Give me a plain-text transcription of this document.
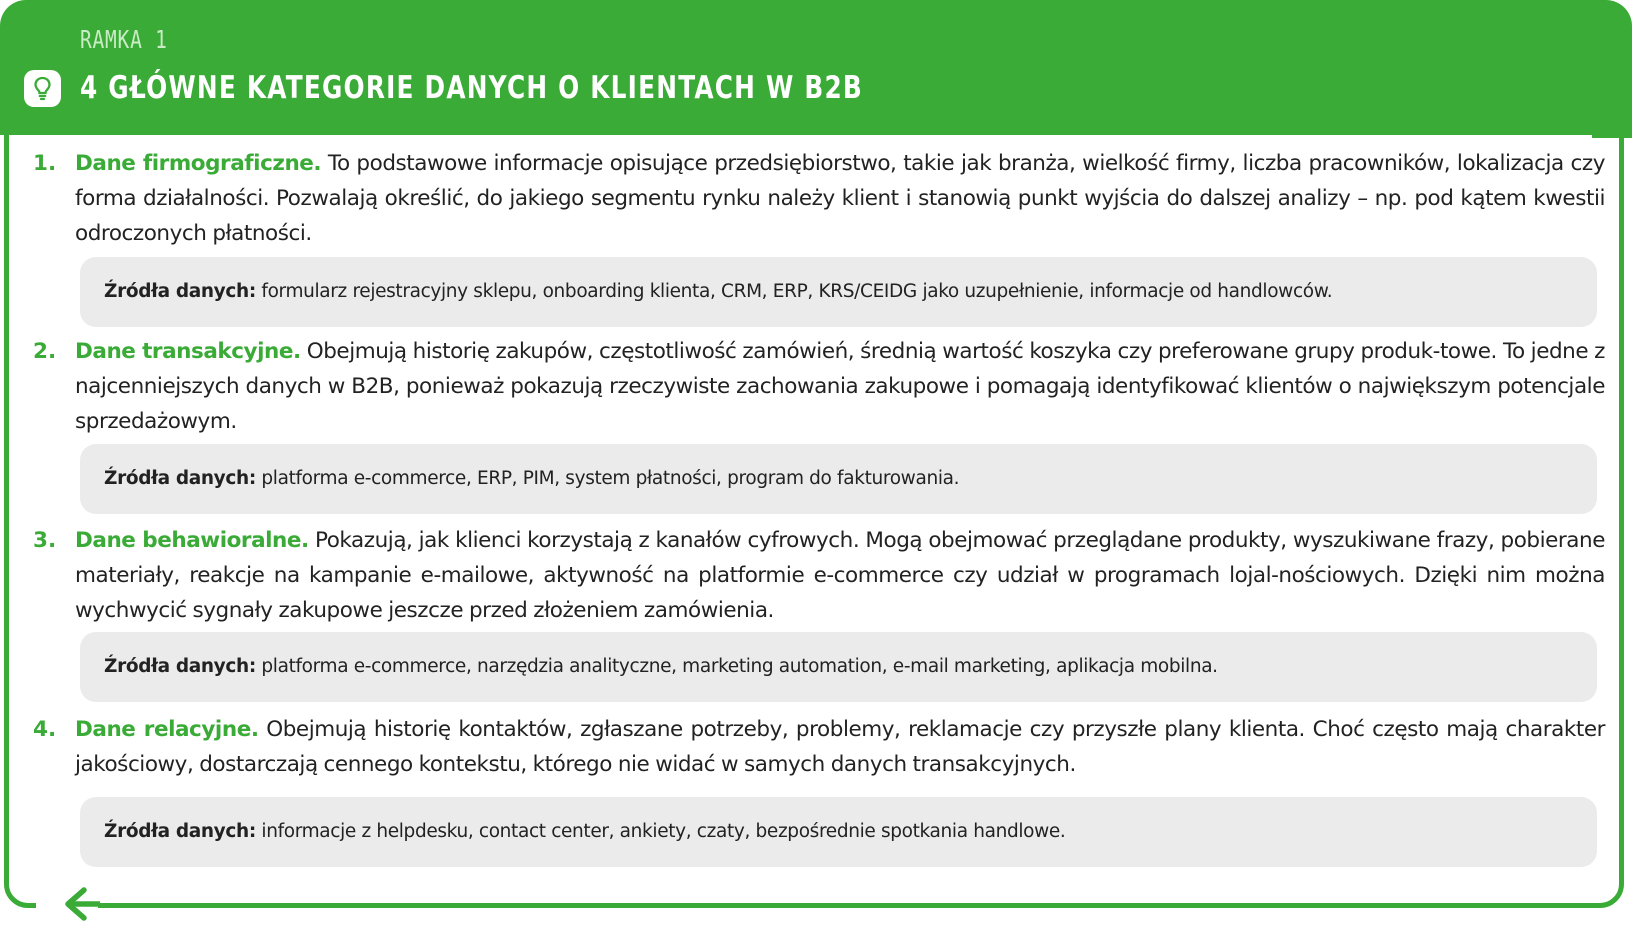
RAMKA 1
4 GŁÓWNE KATEGORIE DANYCH O KLIENTACH W B2B
1. Dane firmograficzne. To podstawowe informacje opisujące przedsiębiorstwo, takie jak branża, wielkość firmy, liczba pracowników, lokalizacja czy forma działalności. Pozwalają określić, do jakiego segmentu rynku należy klient i stanowią punkt wyjścia do dalszej analizy – np. pod kątem kwestii odroczonych płatności.
Źródła danych: formularz rejestracyjny sklepu, onboarding klienta, CRM, ERP, KRS/CEIDG jako uzupełnienie, informacje od handlowców.
2. Dane transakcyjne. Obejmują historię zakupów, częstotliwość zamówień, średnią wartość koszyka czy preferowane grupy produk-towe. To jedne z najcenniejszych danych w B2B, ponieważ pokazują rzeczywiste zachowania zakupowe i pomagają identyfikować klientów o największym potencjale sprzedażowym.
Źródła danych: platforma e-commerce, ERP, PIM, system płatności, program do fakturowania.
3. Dane behawioralne. Pokazują, jak klienci korzystają z kanałów cyfrowych. Mogą obejmować przeglądane produkty, wyszukiwane frazy, pobierane materiały, reakcje na kampanie e-mailowe, aktywność na platformie e-commerce czy udział w programach lojal-nościowych. Dzięki nim można wychwycić sygnały zakupowe jeszcze przed złożeniem zamówienia.
Źródła danych: platforma e-commerce, narzędzia analityczne, marketing automation, e-mail marketing, aplikacja mobilna.
4. Dane relacyjne. Obejmują historię kontaktów, zgłaszane potrzeby, problemy, reklamacje czy przyszłe plany klienta. Choć często mają charakter jakościowy, dostarczają cennego kontekstu, którego nie widać w samych danych transakcyjnych.
Źródła danych: informacje z helpdesku, contact center, ankiety, czaty, bezpośrednie spotkania handlowe.
